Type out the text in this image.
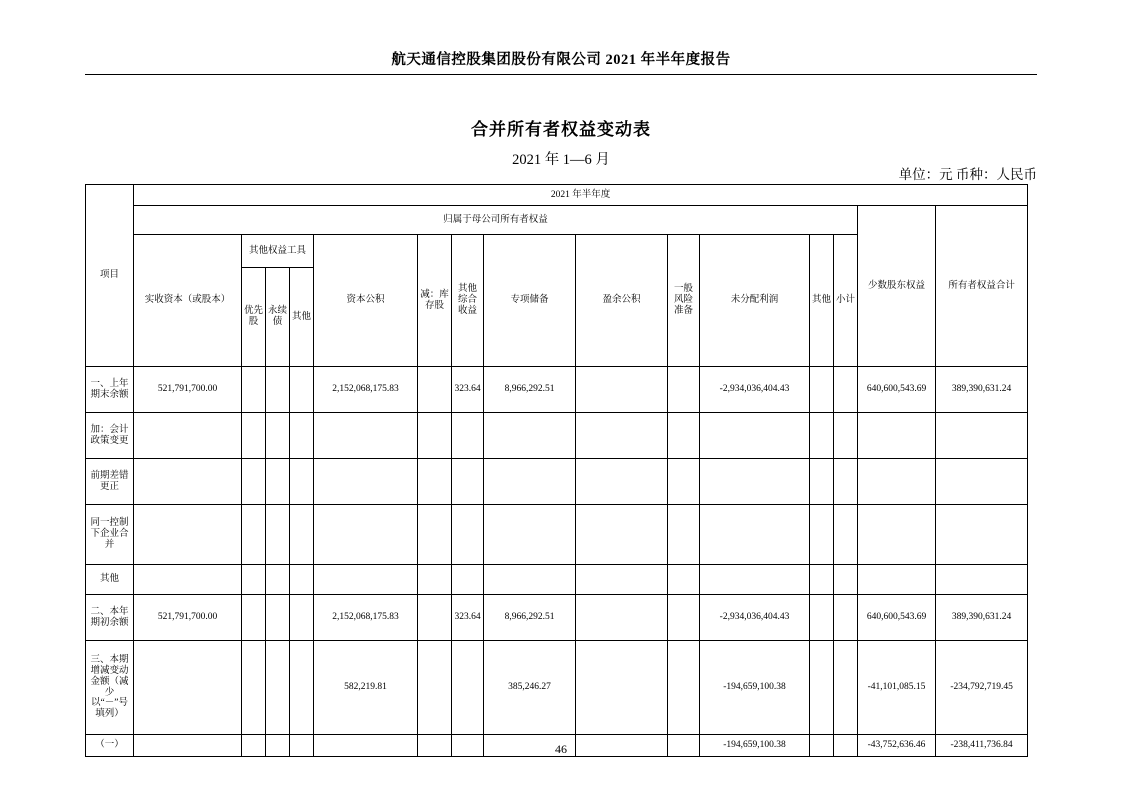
航天通信控股集团股份有限公司 2021 年半年度报告
合并所有者权益变动表
2021 年 1—6 月
单位：元 币种：人民币
项目	2021 年半年度														
	归属于母公司所有者权益													少数股东权益	所有者权益合计
	实收资本（或股本）	其他权益工具			资本公积	减：库存股	其他综合收益	专项储备	盈余公积	一般风险准备	未分配利润	其他	小计		
		优先股	永续债	其他											
一、上年期末余额	521,791,700.00				2,152,068,175.83		323.64	8,966,292.51			-2,934,036,404.43			640,600,543.69	389,390,631.24
加：会计政策变更															
前期差错更正															
同一控制下企业合并															
其他															
二、本年期初余额	521,791,700.00				2,152,068,175.83		323.64	8,966,292.51			-2,934,036,404.43			640,600,543.69	389,390,631.24
三、本期增减变动金额（减少以“－”号填列）					582,219.81			385,246.27			-194,659,100.38			-41,101,085.15	-234,792,719.45
（一）											-194,659,100.38			-43,752,636.46	-238,411,736.84
46
